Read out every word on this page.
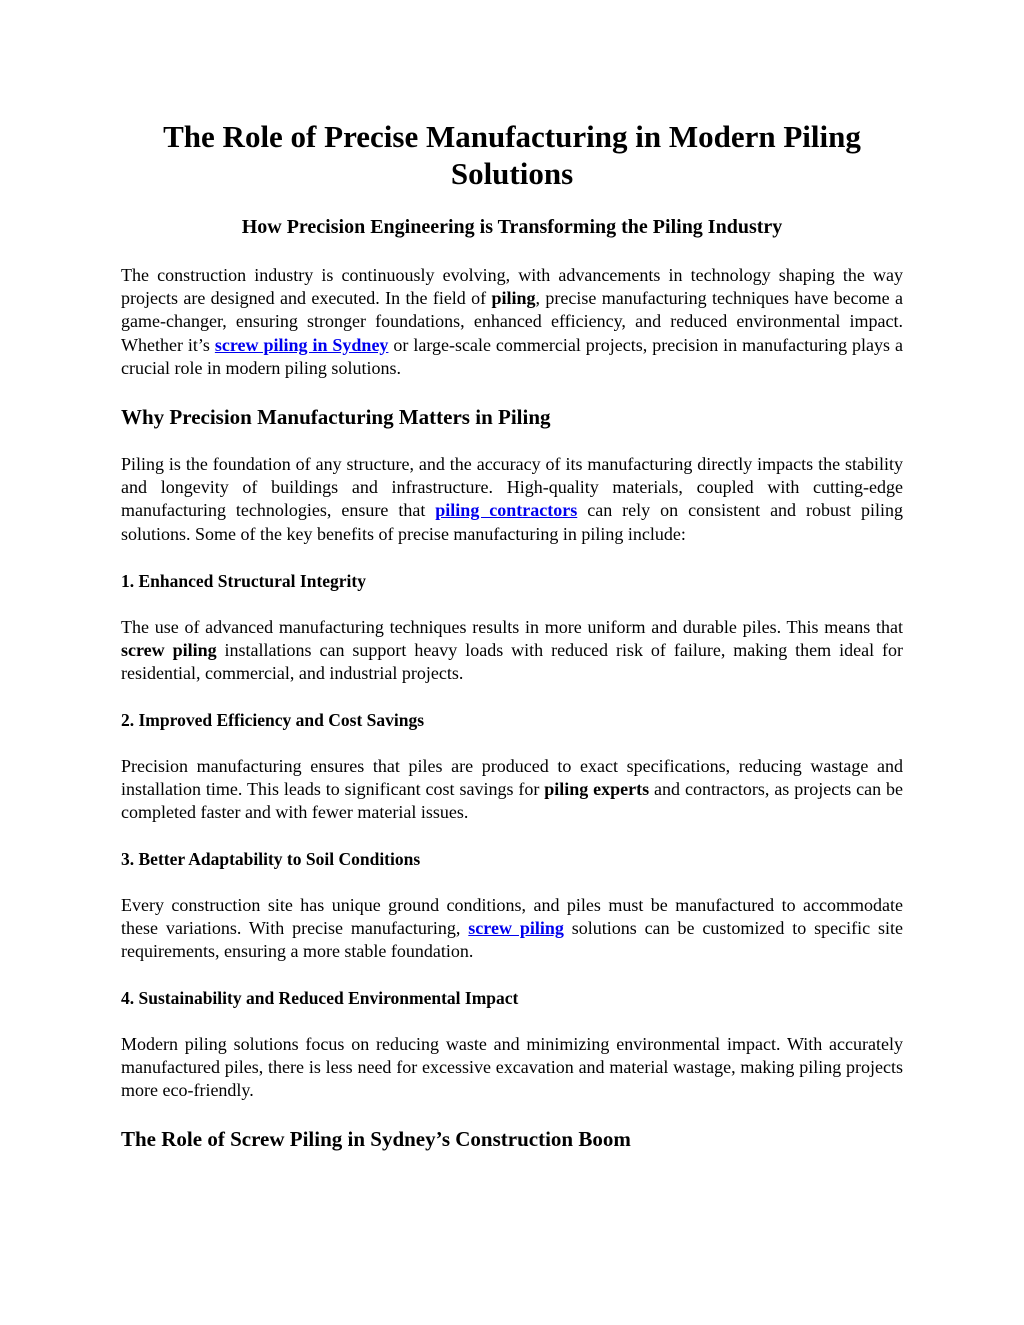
The Role of Precise Manufacturing in Modern Piling Solutions
How Precision Engineering is Transforming the Piling Industry

The construction industry is continuously evolving, with advancements in technology shaping the way projects are designed and executed. In the field of piling, precise manufacturing techniques have become a game-changer, ensuring stronger foundations, enhanced efficiency, and reduced environmental impact. Whether it’s screw piling in Sydney or large-scale commercial projects, precision in manufacturing plays a crucial role in modern piling solutions.

Why Precision Manufacturing Matters in Piling

Piling is the foundation of any structure, and the accuracy of its manufacturing directly impacts the stability and longevity of buildings and infrastructure. High-quality materials, coupled with cutting-edge manufacturing technologies, ensure that piling contractors can rely on consistent and robust piling solutions. Some of the key benefits of precise manufacturing in piling include:

1. Enhanced Structural Integrity

The use of advanced manufacturing techniques results in more uniform and durable piles. This means that screw piling installations can support heavy loads with reduced risk of failure, making them ideal for residential, commercial, and industrial projects.

2. Improved Efficiency and Cost Savings

Precision manufacturing ensures that piles are produced to exact specifications, reducing wastage and installation time. This leads to significant cost savings for piling experts and contractors, as projects can be completed faster and with fewer material issues.

3. Better Adaptability to Soil Conditions

Every construction site has unique ground conditions, and piles must be manufactured to accommodate these variations. With precise manufacturing, screw piling solutions can be customized to specific site requirements, ensuring a more stable foundation.

4. Sustainability and Reduced Environmental Impact

Modern piling solutions focus on reducing waste and minimizing environmental impact. With accurately manufactured piles, there is less need for excessive excavation and material wastage, making piling projects more eco-friendly.

The Role of Screw Piling in Sydney’s Construction Boom
